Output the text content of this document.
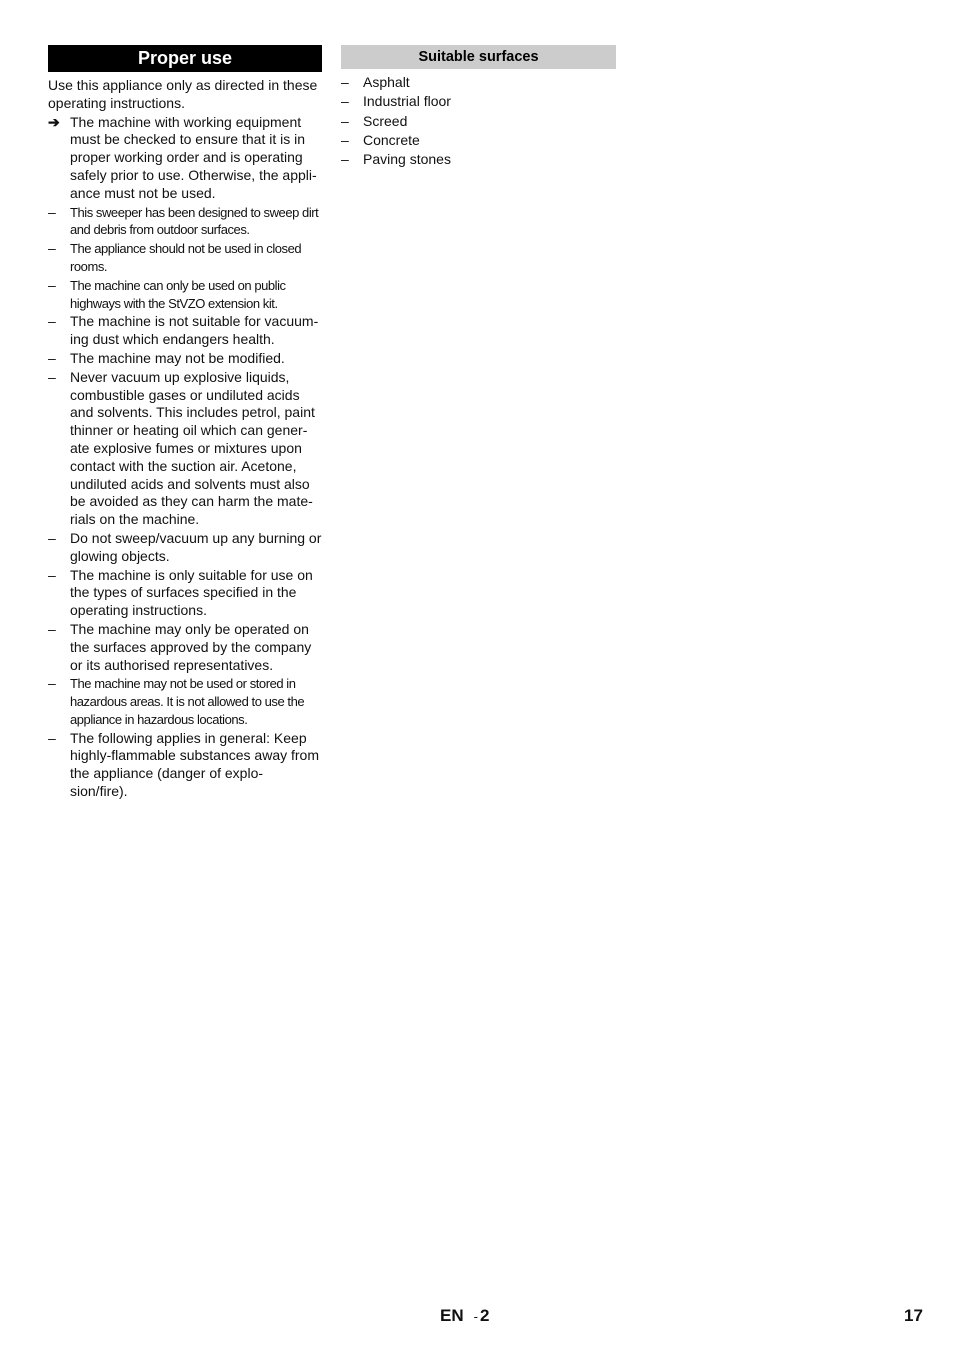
Proper use
Use this appliance only as directed in these operating instructions.
➔ The machine with working equipment must be checked to ensure that it is in proper working order and is operating safely prior to use. Otherwise, the appli- ance must not be used.
–	This sweeper has been designed to sweep dirt and debris from outdoor surfaces.
–	The appliance should not be used in closed rooms.
–	The machine can only be used on public highways with the StVZO extension kit.
–	The machine is not suitable for vacuum- ing dust which endangers health.
–	The machine may not be modified.
–	Never vacuum up explosive liquids, combustible gases or undiluted acids and solvents. This includes petrol, paint thinner or heating oil which can gener- ate explosive fumes or mixtures upon contact with the suction air. Acetone, undiluted acids and solvents must also be avoided as they can harm the mate- rials on the machine.
–	Do not sweep/vacuum up any burning or glowing objects.
–	The machine is only suitable for use on the types of surfaces specified in the operating instructions.
–	The machine may only be operated on the surfaces approved by the company or its authorised representatives.
–	The machine may not be used or stored in hazardous areas. It is not allowed to use the appliance in hazardous locations.
–	The following applies in general: Keep highly-flammable substances away from the appliance (danger of explo- sion/fire).
Suitable surfaces
–	Asphalt
–	Industrial floor
–	Screed
–	Concrete
–	Paving stones
EN - 2	17
